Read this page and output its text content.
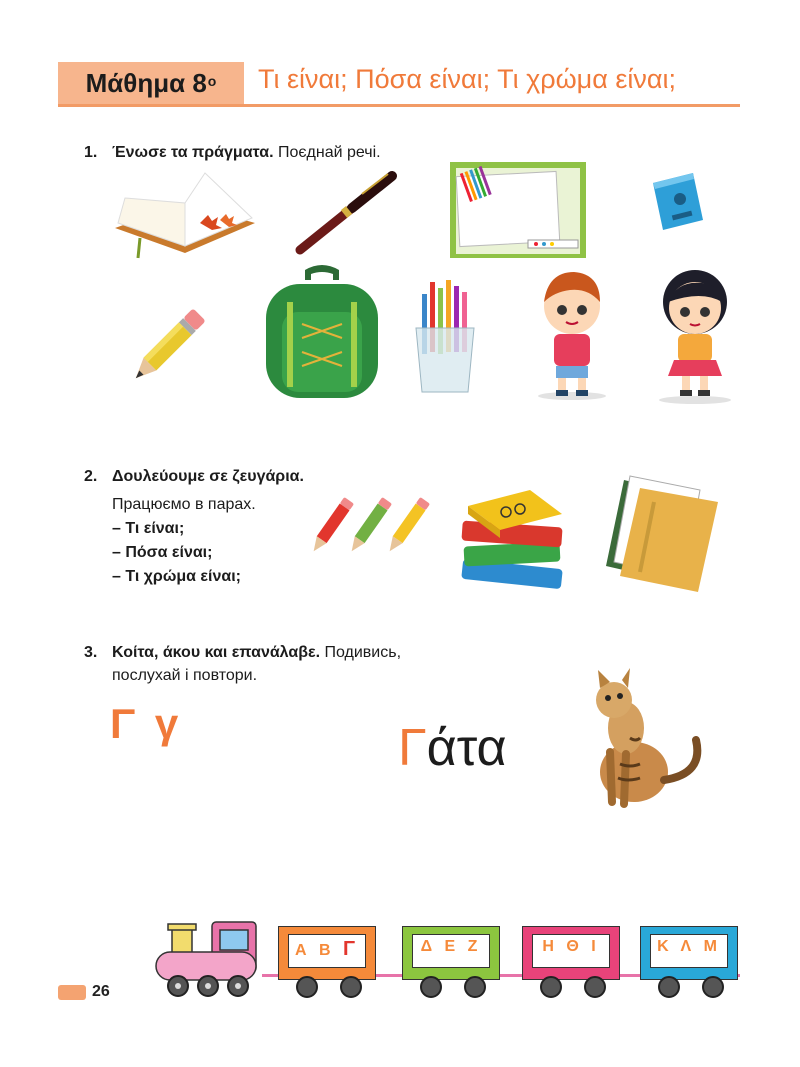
Μάθημα $8^o$ Τι είναι; Πόσα είναι; Τι χρώμα είναι;
1. Ένωσε τα πράγματα. Поєднай речі.
2. Δουλεύουμε σε ζευγάρια.
Працюємо в парах.
– Τι είναι;
– Πόσα είναι;
– Τι χρώμα είναι;
3. Κοίτα, άκου και επανάλαβε. Подивись,
послухай і повтори.
Γ γ	Γάτα
Α Β Γ	Δ Ε Ζ	Η Θ Ι	Κ Λ Μ
26
